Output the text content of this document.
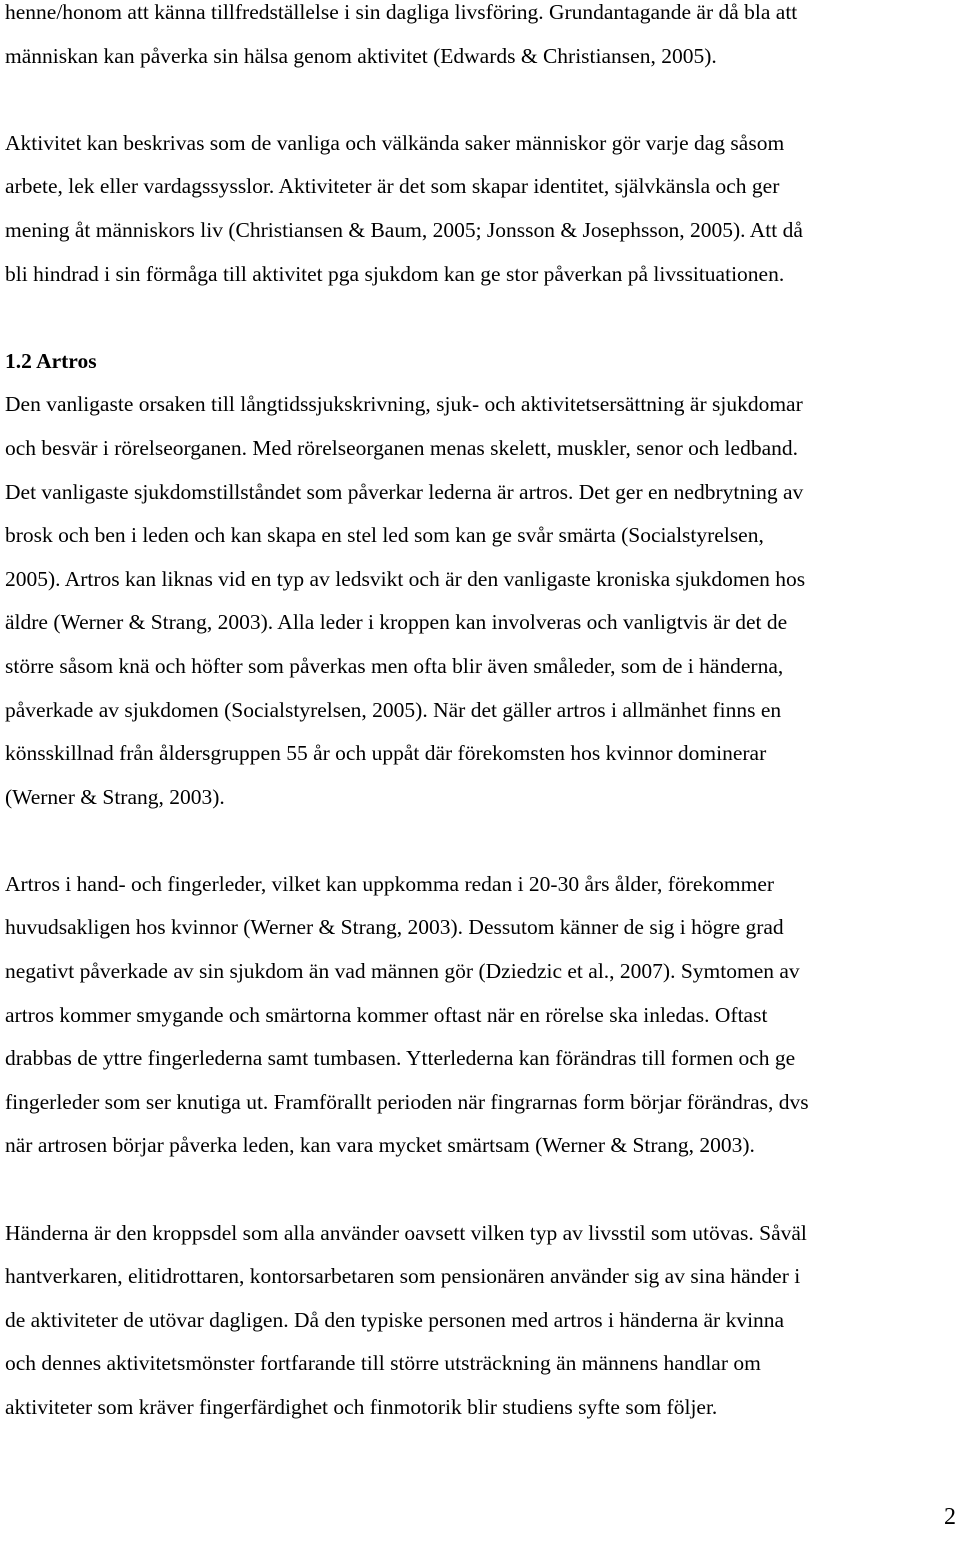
henne/honom att känna tillfredställelse i sin dagliga livsföring. Grundantagande är då bla att
människan kan påverka sin hälsa genom aktivitet (Edwards & Christiansen, 2005).

Aktivitet kan beskrivas som de vanliga och välkända saker människor gör varje dag såsom
arbete, lek eller vardagssysslor. Aktiviteter är det som skapar identitet, självkänsla och ger
mening åt människors liv (Christiansen & Baum, 2005; Jonsson & Josephsson, 2005). Att då
bli hindrad i sin förmåga till aktivitet pga sjukdom kan ge stor påverkan på livssituationen.

1.2 Artros

Den vanligaste orsaken till långtidssjukskrivning, sjuk- och aktivitetsersättning är sjukdomar
och besvär i rörelseorganen. Med rörelseorganen menas skelett, muskler, senor och ledband.
Det vanligaste sjukdomstillståndet som påverkar lederna är artros. Det ger en nedbrytning av
brosk och ben i leden och kan skapa en stel led som kan ge svår smärta (Socialstyrelsen,
2005). Artros kan liknas vid en typ av ledsvikt och är den vanligaste kroniska sjukdomen hos
äldre (Werner & Strang, 2003). Alla leder i kroppen kan involveras och vanligtvis är det de
större såsom knä och höfter som påverkas men ofta blir även småleder, som de i händerna,
påverkade av sjukdomen (Socialstyrelsen, 2005). När det gäller artros i allmänhet finns en
könsskillnad från åldersgruppen 55 år och uppåt där förekomsten hos kvinnor dominerar
(Werner & Strang, 2003).

Artros i hand- och fingerleder, vilket kan uppkomma redan i 20-30 års ålder, förekommer
huvudsakligen hos kvinnor (Werner & Strang, 2003). Dessutom känner de sig i högre grad
negativt påverkade av sin sjukdom än vad männen gör (Dziedzic et al., 2007). Symtomen av
artros kommer smygande och smärtorna kommer oftast när en rörelse ska inledas. Oftast
drabbas de yttre fingerlederna samt tumbasen. Ytterlederna kan förändras till formen och ge
fingerleder som ser knutiga ut. Framförallt perioden när fingrarnas form börjar förändras, dvs
när artrosen börjar påverka leden, kan vara mycket smärtsam (Werner & Strang, 2003).

Händerna är den kroppsdel som alla använder oavsett vilken typ av livsstil som utövas. Såväl
hantverkaren, elitidrottaren, kontorsarbetaren som pensionären använder sig av sina händer i
de aktiviteter de utövar dagligen. Då den typiske personen med artros i händerna är kvinna
och dennes aktivitetsmönster fortfarande till större utsträckning än männens handlar om
aktiviteter som kräver fingerfärdighet och finmotorik blir studiens syfte som följer.

2
